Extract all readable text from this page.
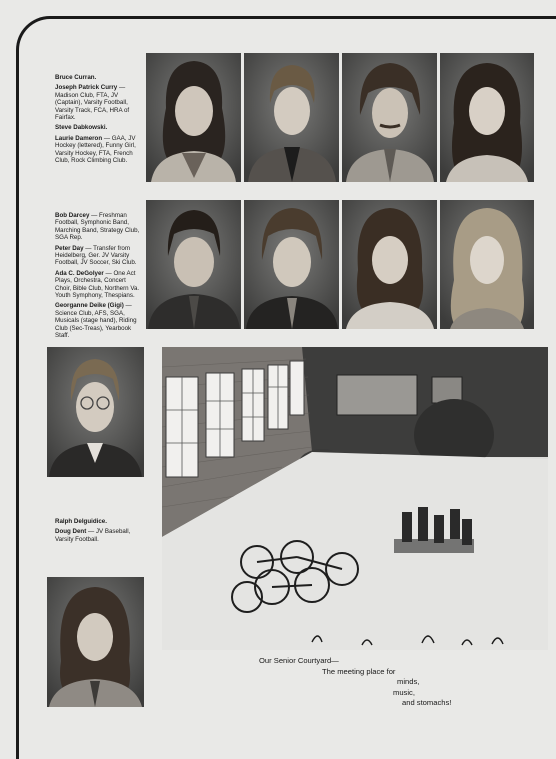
Bruce Curran.

Joseph Patrick Curry — Madison Club, FTA, JV (Captain), Varsity Football, Varsity Track, FCA, HRA of Fairfax.

Steve Dabkowski.

Laurie Dameron — GAA, JV Hockey (lettered), Funny Girl, Varsity Hockey, FTA, French Club, Rock Climbing Club.

Bob Darcey — Freshman Football, Symphonic Band, Marching Band, Strategy Club, SGA Rep.

Peter Day — Transfer from Heidelberg, Ger. JV Varsity Football, JV Soccer, Ski Club.

Ada C. DeGolyer — One Act Plays, Orchestra, Concert Choir, Bible Club, Northern Va. Youth Symphony, Thespians.

Georganne Deike (Gigi) — Science Club, AFS, SGA, Musicals (stage hand), Riding Club (Sec-Treas), Yearbook Staff.

Ralph Delguidice.

Doug Dent — JV Baseball, Varsity Football.

Our Senior Courtyard—
The meeting place for
minds,
music,
and stomachs!
